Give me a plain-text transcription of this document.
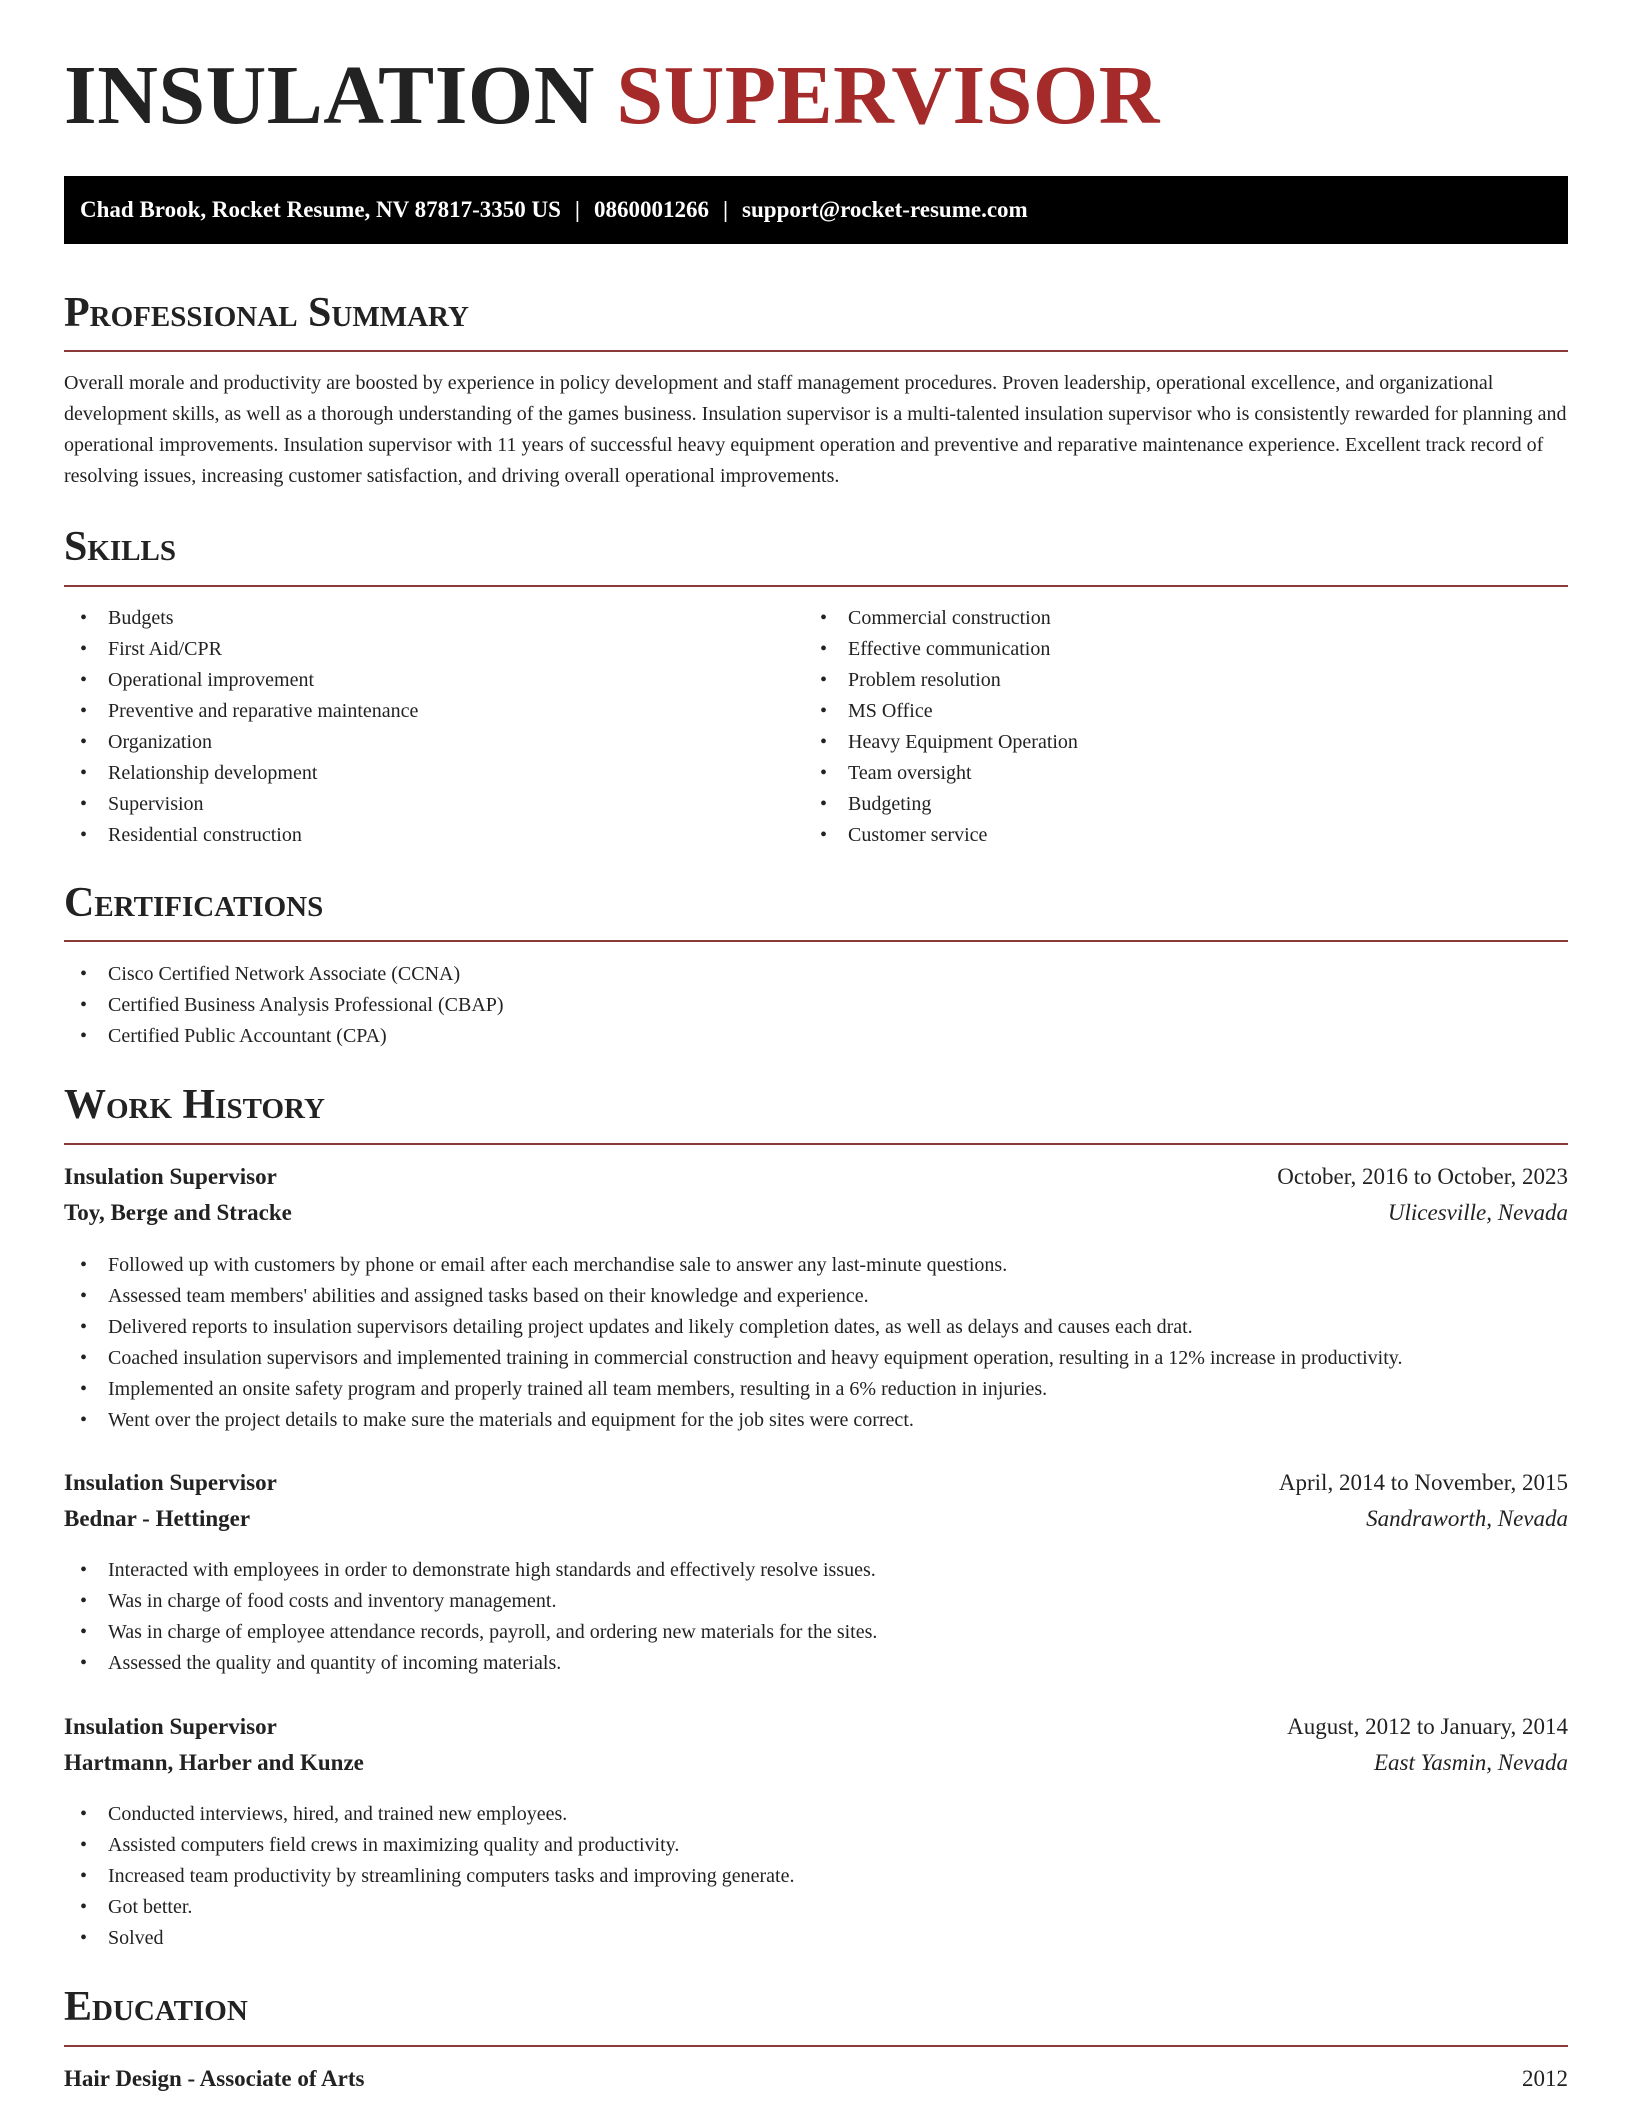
INSULATION SUPERVISOR
Chad Brook, Rocket Resume, NV 87817-3350 US | 0860001266 | support@rocket-resume.com
Professional Summary

Overall morale and productivity are boosted by experience in policy development and staff management procedures. Proven leadership, operational excellence, and organizational development skills, as well as a thorough understanding of the games business. Insulation supervisor is a multi-talented insulation supervisor who is consistently rewarded for planning and operational improvements. Insulation supervisor with 11 years of successful heavy equipment operation and preventive and reparative maintenance experience. Excellent track record of resolving issues, increasing customer satisfaction, and driving overall operational improvements.

Skills
• Budgets
• First Aid/CPR
• Operational improvement
• Preventive and reparative maintenance
• Organization
• Relationship development
• Supervision
• Residential construction
• Commercial construction
• Effective communication
• Problem resolution
• MS Office
• Heavy Equipment Operation
• Team oversight
• Budgeting
• Customer service
Certifications
• Cisco Certified Network Associate (CCNA)
• Certified Business Analysis Professional (CBAP)
• Certified Public Accountant (CPA)
Work History
Insulation Supervisor	October, 2016 to October, 2023
Toy, Berge and Stracke	Ulicesville, Nevada
• Followed up with customers by phone or email after each merchandise sale to answer any last-minute questions.
• Assessed team members' abilities and assigned tasks based on their knowledge and experience.
• Delivered reports to insulation supervisors detailing project updates and likely completion dates, as well as delays and causes each drat.
• Coached insulation supervisors and implemented training in commercial construction and heavy equipment operation, resulting in a 12% increase in productivity.
• Implemented an onsite safety program and properly trained all team members, resulting in a 6% reduction in injuries.
• Went over the project details to make sure the materials and equipment for the job sites were correct.
Insulation Supervisor	April, 2014 to November, 2015
Bednar - Hettinger	Sandraworth, Nevada
• Interacted with employees in order to demonstrate high standards and effectively resolve issues.
• Was in charge of food costs and inventory management.
• Was in charge of employee attendance records, payroll, and ordering new materials for the sites.
• Assessed the quality and quantity of incoming materials.
Insulation Supervisor	August, 2012 to January, 2014
Hartmann, Harber and Kunze	East Yasmin, Nevada
• Conducted interviews, hired, and trained new employees.
• Assisted computers field crews in maximizing quality and productivity.
• Increased team productivity by streamlining computers tasks and improving generate.
• Got better.
• Solved
Education
Hair Design - Associate of Arts	2012
